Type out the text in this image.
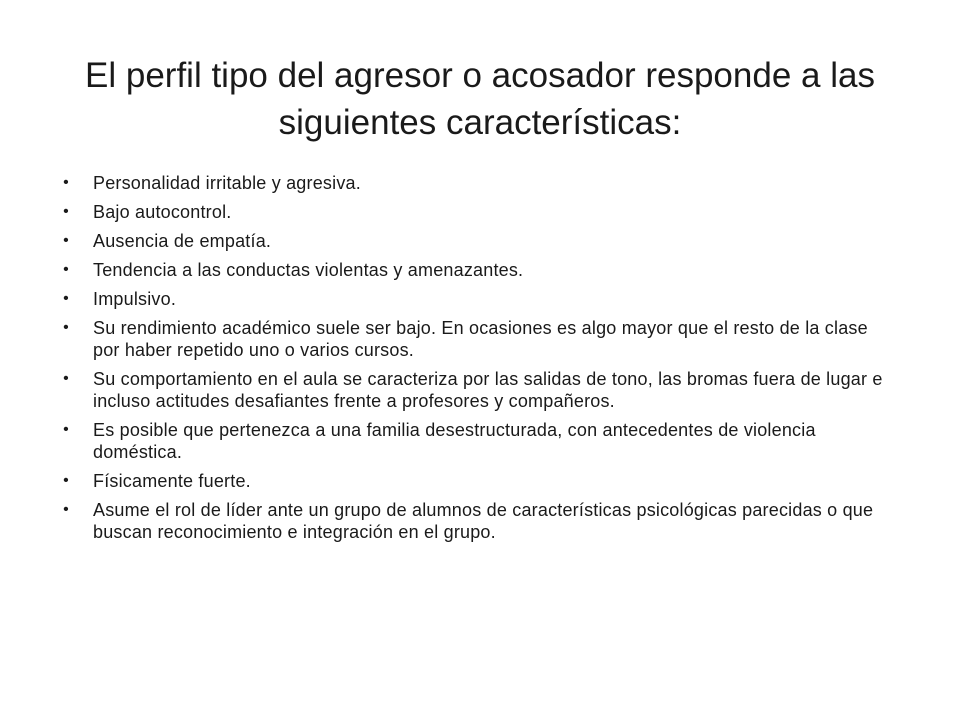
El perfil tipo del agresor o acosador responde a las siguientes características:
• Personalidad irritable y agresiva.
• Bajo autocontrol.
• Ausencia de empatía.
• Tendencia a las conductas violentas y amenazantes.
• Impulsivo.
• Su rendimiento académico suele ser bajo. En ocasiones es algo mayor que el resto de la clase por haber repetido uno o varios cursos.
• Su comportamiento en el aula se caracteriza por las salidas de tono, las bromas fuera de lugar e incluso actitudes desafiantes frente a profesores y compañeros.
• Es posible que pertenezca a una familia desestructurada, con antecedentes de violencia doméstica.
• Físicamente fuerte.
• Asume el rol de líder ante un grupo de alumnos de características psicológicas parecidas o que buscan reconocimiento e integración en el grupo.
